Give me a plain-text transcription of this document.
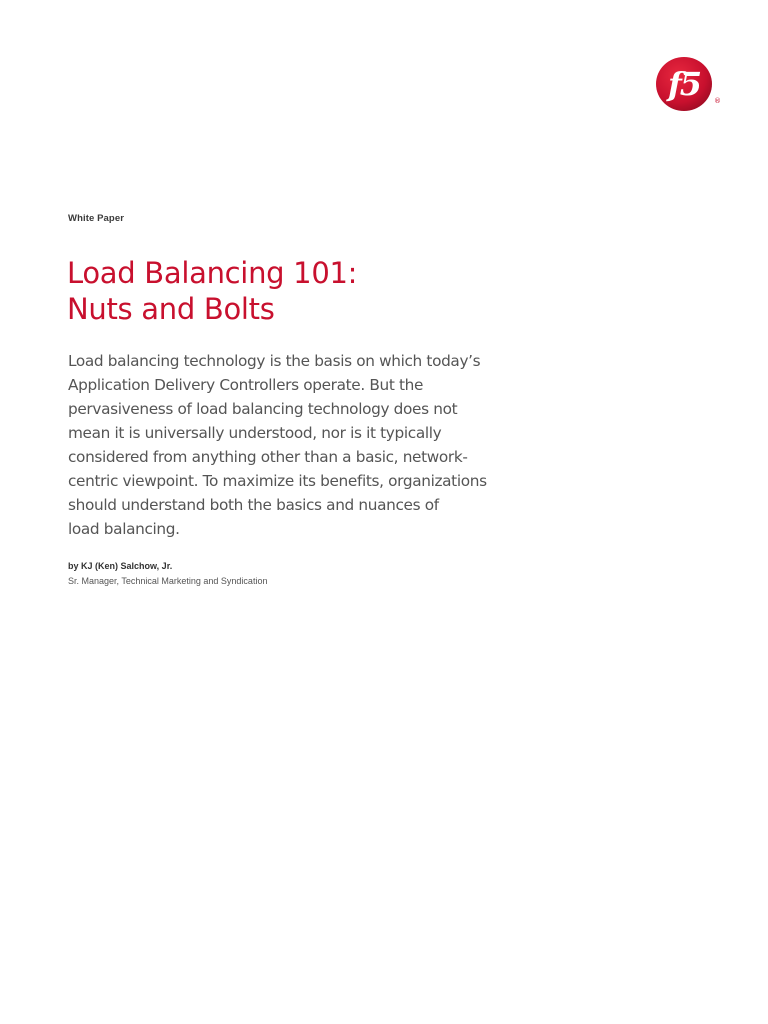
f5 ®
White Paper
Load Balancing 101:
Nuts and Bolts

Load balancing technology is the basis on which today’s
Application Delivery Controllers operate. But the
pervasiveness of load balancing technology does not
mean it is universally understood, nor is it typically
considered from anything other than a basic, network-
centric viewpoint. To maximize its benefits, organizations
should understand both the basics and nuances of
load balancing.

by KJ (Ken) Salchow, Jr.
Sr. Manager, Technical Marketing and Syndication
